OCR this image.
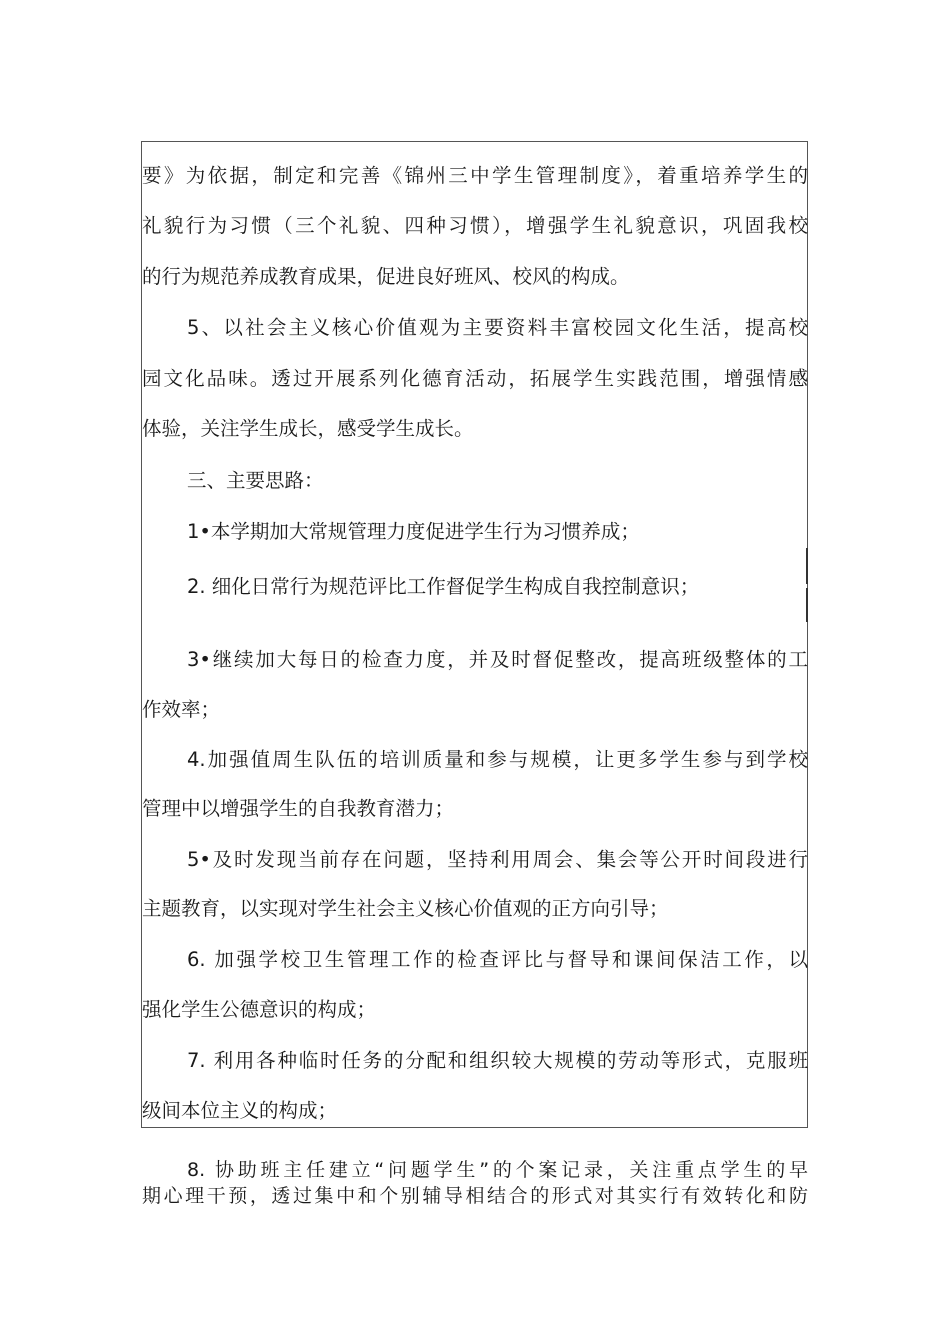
要》为依据，制定和完善《锦州三中学生管理制度》，着重培养学生的
礼貌行为习惯（三个礼貌、四种习惯），增强学生礼貌意识，巩固我校
的行为规范养成教育成果，促进良好班风、校风的构成。
5、以社会主义核心价值观为主要资料丰富校园文化生活，提高校
园文化品味。透过开展系列化德育活动，拓展学生实践范围，增强情感
体验，关注学生成长，感受学生成长。
三、主要思路：
1•本学期加大常规管理力度促进学生行为习惯养成；
2. 细化日常行为规范评比工作督促学生构成自我控制意识；
3•继续加大每日的检查力度，并及时督促整改，提高班级整体的工
作效率；
4.加强值周生队伍的培训质量和参与规模，让更多学生参与到学校
管理中以增强学生的自我教育潜力；
5•及时发现当前存在问题，坚持利用周会、集会等公开时间段进行
主题教育，以实现对学生社会主义核心价值观的正方向引导；
6. 加强学校卫生管理工作的检查评比与督导和课间保洁工作，以
强化学生公德意识的构成；
7. 利用各种临时任务的分配和组织较大规模的劳动等形式，克服班
级间本位主义的构成；
8. 协助班主任建立“问题学生”的个案记录，关注重点学生的早
期心理干预，透过集中和个别辅导相结合的形式对其实行有效转化和防
